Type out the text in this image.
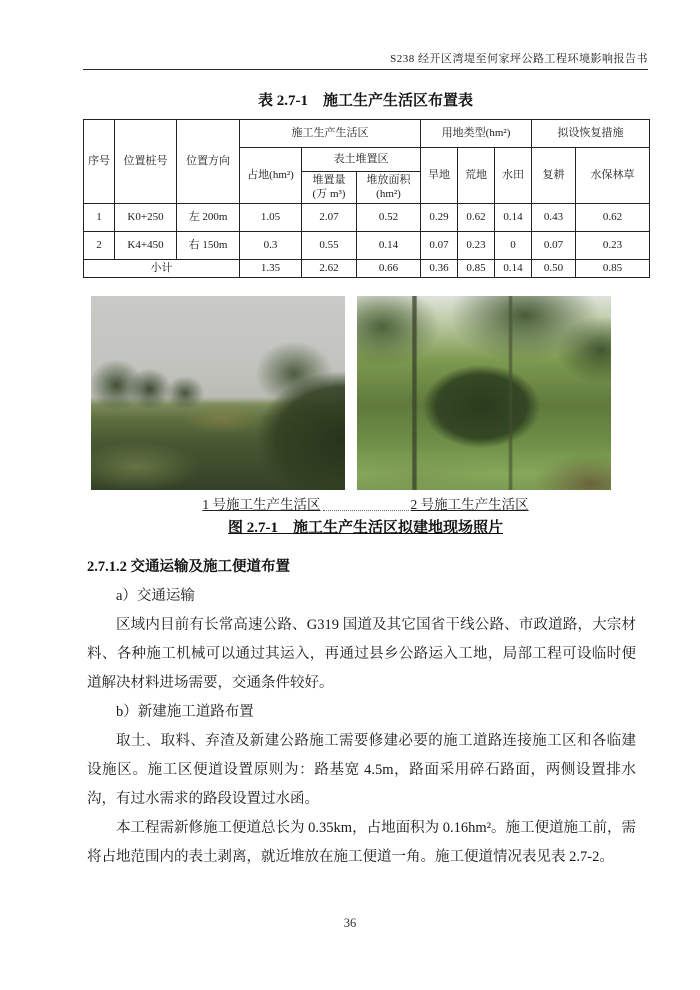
S238 经开区湾堤至何家坪公路工程环境影响报告书
表 2.7-1　施工生产生活区布置表
序号	位置桩号	位置方向	施工生产生活区			用地类型(hm²)			拟设恢复措施	
			占地(hm²)	表土堆置区		旱地	荒地	水田	复耕	水保林草
				堆置量 (万 m³)	堆放面积 (hm²)					
1	K0+250	左 200m	1.05	2.07	0.52	0.29	0.62	0.14	0.43	0.62
2	K4+450	右 150m	0.3	0.55	0.14	0.07	0.23	0	0.07	0.23
小计			1.35	2.62	0.66	0.36	0.85	0.14	0.50	0.85
1 号施工生产生活区	2 号施工生产生活区
图 2.7-1　施工生产生活区拟建地现场照片
2.7.1.2 交通运输及施工便道布置

a）交通运输

区域内目前有长常高速公路、G319 国道及其它国省干线公路、市政道路，大宗材料、各种施工机械可以通过其运入，再通过县乡公路运入工地，局部工程可设临时便道解决材料进场需要，交通条件较好。

b）新建施工道路布置

取土、取料、弃渣及新建公路施工需要修建必要的施工道路连接施工区和各临建设施区。施工区便道设置原则为：路基宽 4.5m，路面采用碎石路面，两侧设置排水沟，有过水需求的路段设置过水函。

本工程需新修施工便道总长为 0.35km，占地面积为 0.16hm²。施工便道施工前，需将占地范围内的表土剥离，就近堆放在施工便道一角。施工便道情况表见表 2.7-2。

36
